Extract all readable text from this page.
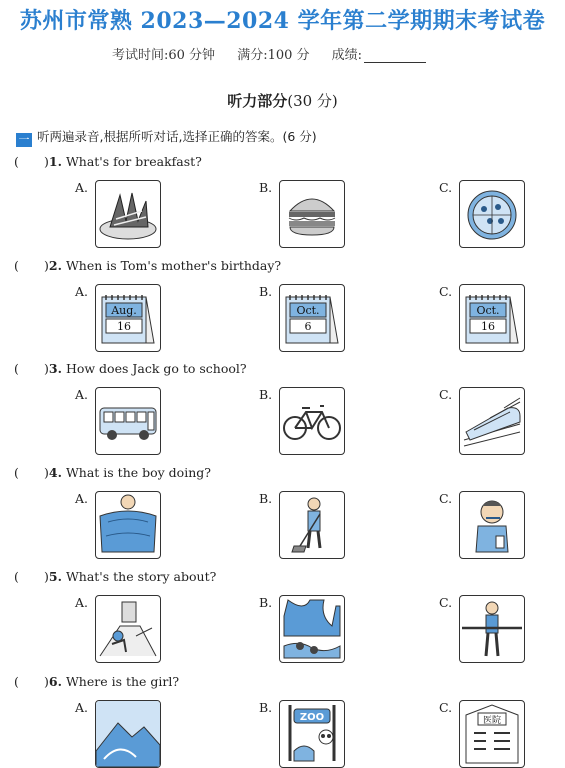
苏州市常熟 2023—2024 学年第二学期期末考试卷
考试时间:60 分钟 满分:100 分 成绩:
听力部分(30 分)
一 听两遍录音,根据所听对话,选择正确的答案。(6 分)
( )1. What's for breakfast?
A.	B.	C.
( )2. When is Tom's mother's birthday?
A.
Aug.
16
B.
Oct.
6
C.
Oct.
16
( )3. How does Jack go to school?
A.	B.	C.
( )4. What is the boy doing?
A.	B.	C.
( )5. What's the story about?
A.	B.	C.
( )6. Where is the girl?
A.	B.
ZOO
C.
医院
